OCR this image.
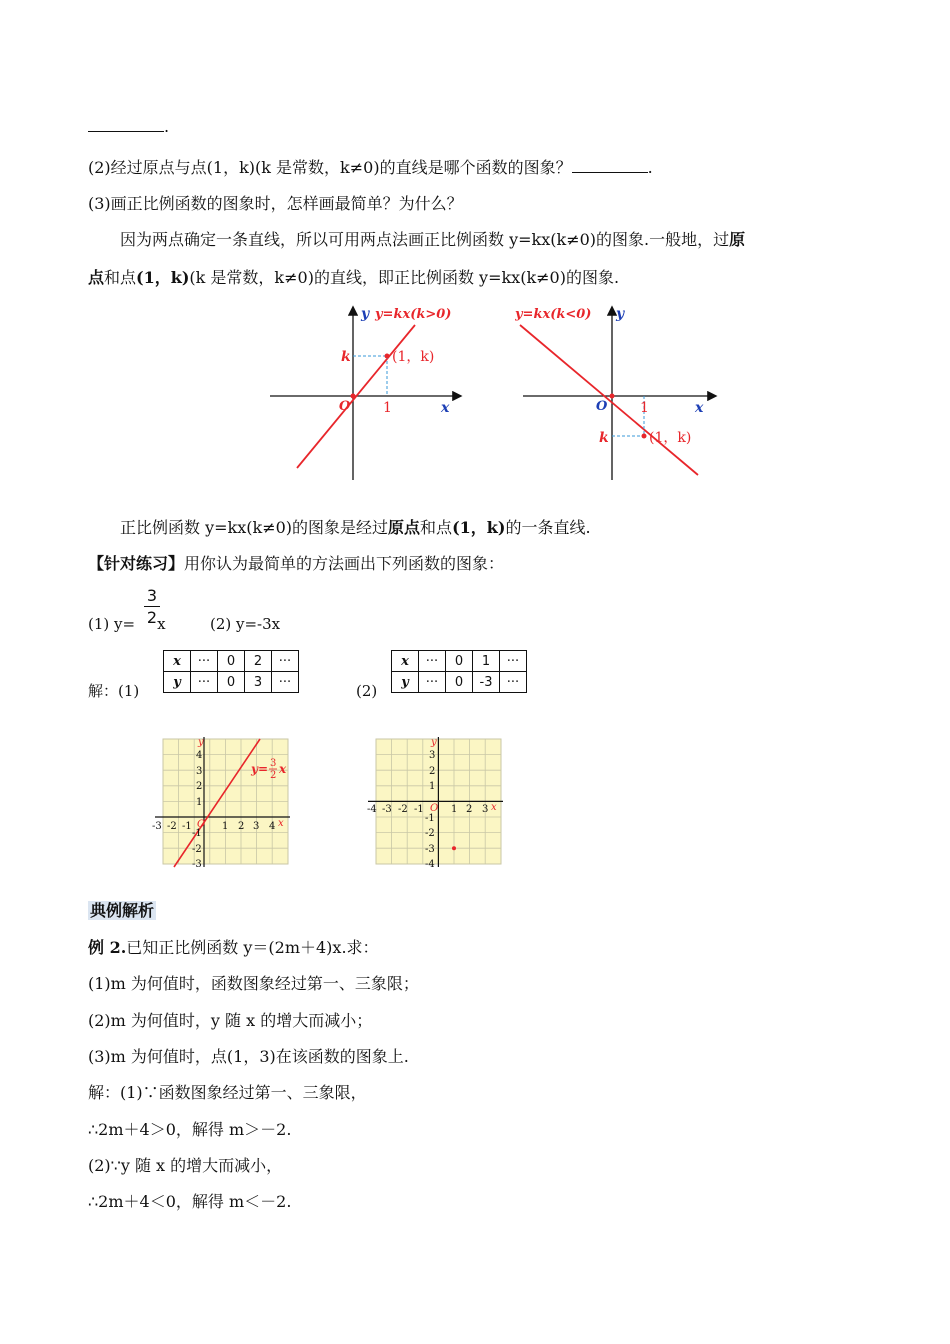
.
(2)经过原点与点(1，k)(k 是常数，k≠0)的直线是哪个函数的图象？	.
(3)画正比例函数的图象时，怎样画最简单？为什么？
因为两点确定一条直线，所以可用两点法画正比例函数 y=kx(k≠0)的图象.一般地，过原
点和点(1，k)(k 是常数，k≠0)的直线，即正比例函数 y=kx(k≠0)的图象.
y=kx(k>0)
y
k	(1，k)
1
O	x
y=kx(k<0) y
O 1	x
k	(1，k)
正比例函数 y=kx(k≠0)的图象是经过原点和点(1，k)的一条直线.
【针对练习】用你认为最简单的方法画出下列函数的图象：
(1) y= x
3
2	(2) y=-3x
解：(1)
x	···	0	2	···
y	···	0	3	···	(2)
x	···	0	1	···
y	···	0	-3	···
y= 3
2 x
y
x
O
-3 -2 -1	1 2 3 4
4
3
2
1
-1
-2
-3
y
x
O
-4 -3 -2 -1	1 2 3
3
2
1
-1
-2
-3
-4
典例解析
例 2.已知正比例函数 y＝(2m＋4)x.求：
(1)m 为何值时，函数图象经过第一、三象限；
(2)m 为何值时，y 随 x 的增大而减小；
(3)m 为何值时，点(1，3)在该函数的图象上.
解：(1)∵函数图象经过第一、三象限，
∴2m＋4＞0，解得 m＞－2.
(2)∵y 随 x 的增大而减小，
∴2m＋4＜0，解得 m＜－2.
